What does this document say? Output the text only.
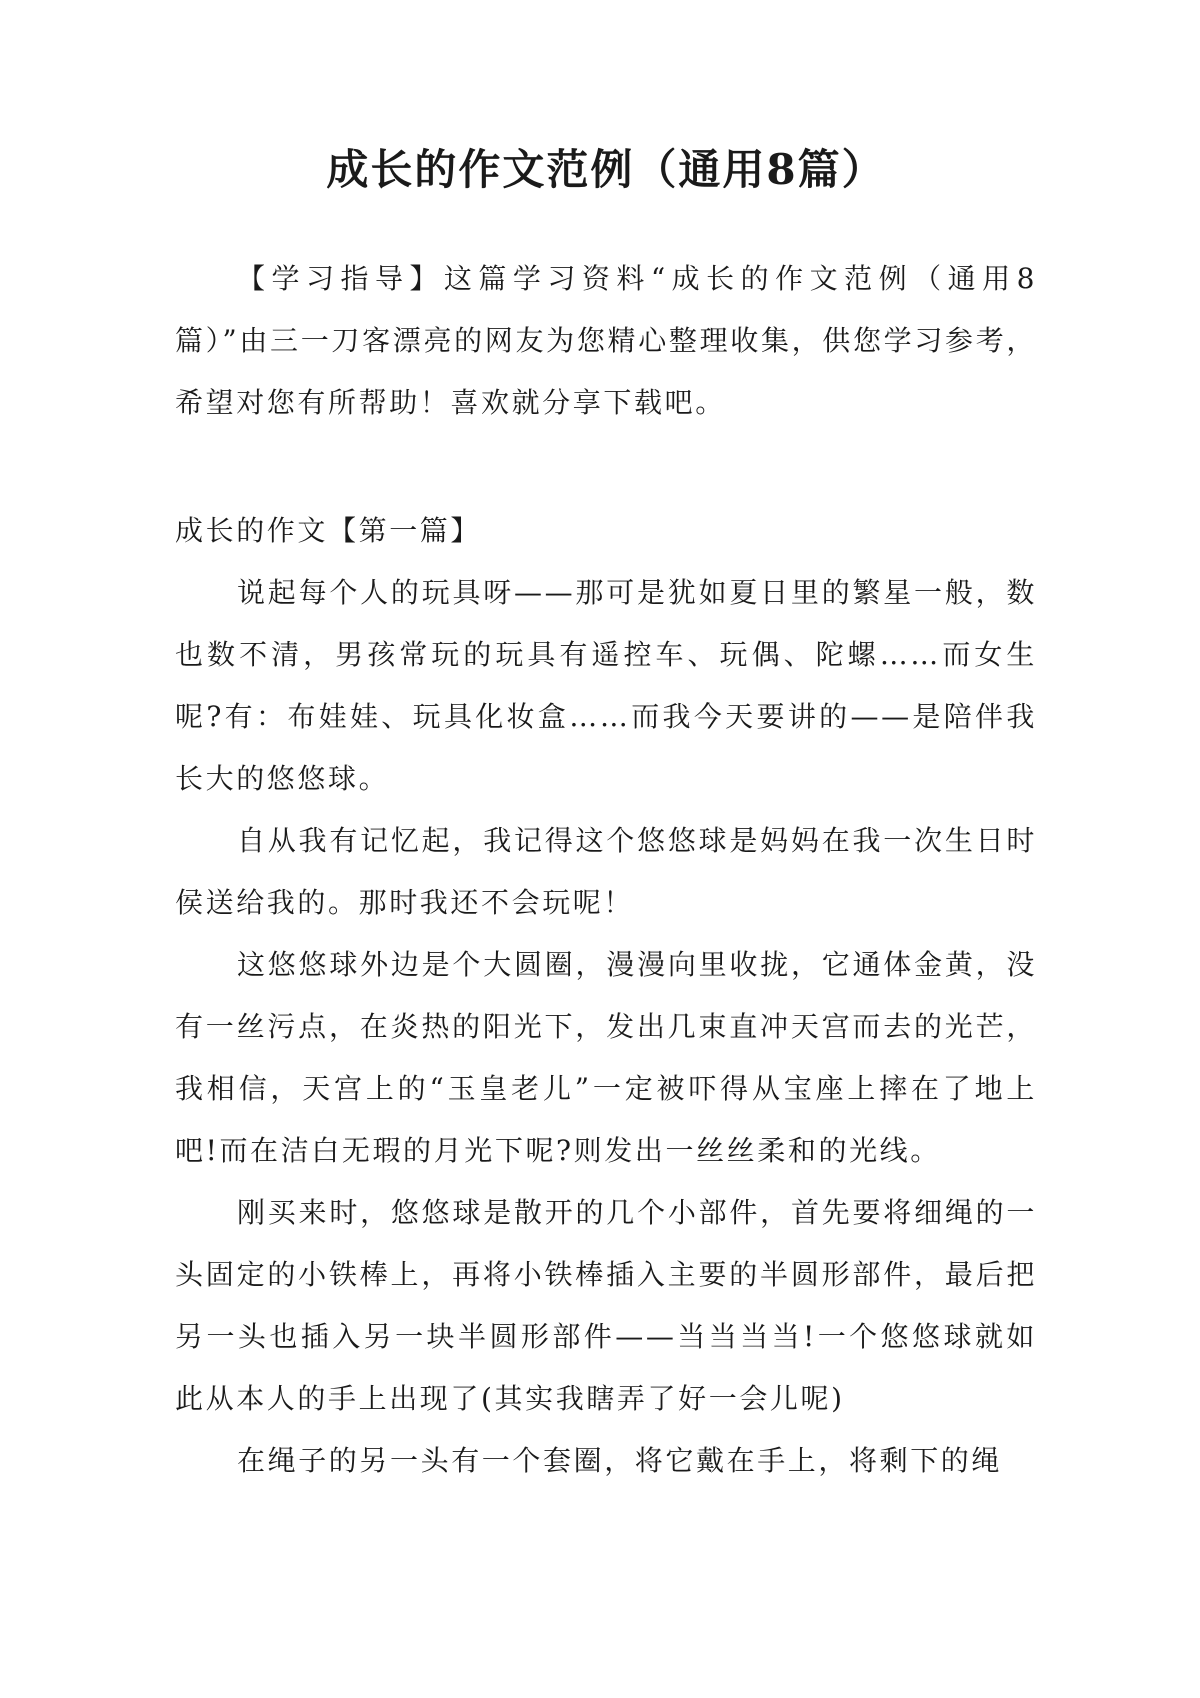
成长的作文范例（通用8篇）

【学习指导】这篇学习资料“成长的作文范例（通用8篇）”由三一刀客漂亮的网友为您精心整理收集，供您学习参考，希望对您有所帮助！喜欢就分享下载吧。

成长的作文【第一篇】

说起每个人的玩具呀——那可是犹如夏日里的繁星一般，数也数不清，男孩常玩的玩具有遥控车、玩偶、陀螺……而女生呢?有：布娃娃、玩具化妆盒……而我今天要讲的——是陪伴我长大的悠悠球。

自从我有记忆起，我记得这个悠悠球是妈妈在我一次生日时侯送给我的。那时我还不会玩呢！

这悠悠球外边是个大圆圈，漫漫向里收拢，它通体金黄，没有一丝污点，在炎热的阳光下，发出几束直冲天宫而去的光芒，我相信，天宫上的“玉皇老儿”一定被吓得从宝座上摔在了地上吧!而在洁白无瑕的月光下呢?则发出一丝丝柔和的光线。

刚买来时，悠悠球是散开的几个小部件，首先要将细绳的一头固定的小铁棒上，再将小铁棒插入主要的半圆形部件，最后把另一头也插入另一块半圆形部件——当当当当!一个悠悠球就如此从本人的手上出现了(其实我瞎弄了好一会儿呢)

在绳子的另一头有一个套圈，将它戴在手上，将剩下的绳
